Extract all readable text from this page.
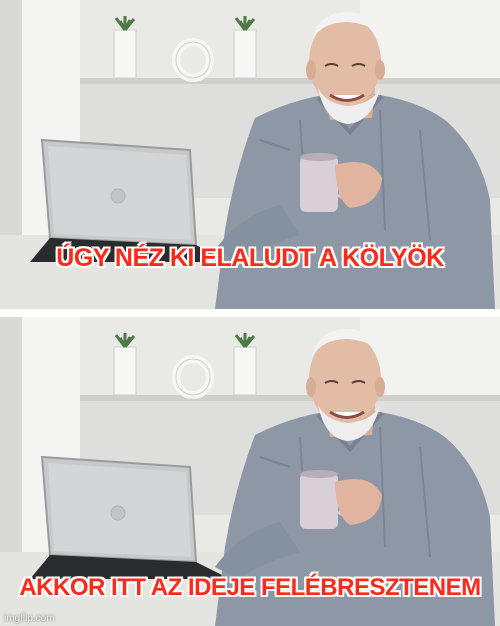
ÚGY NÉZ KI ELALUDT A KÖLYÖK
AKKOR ITT AZ IDEJE FELÉBRESZTENEM
imgflip.com
